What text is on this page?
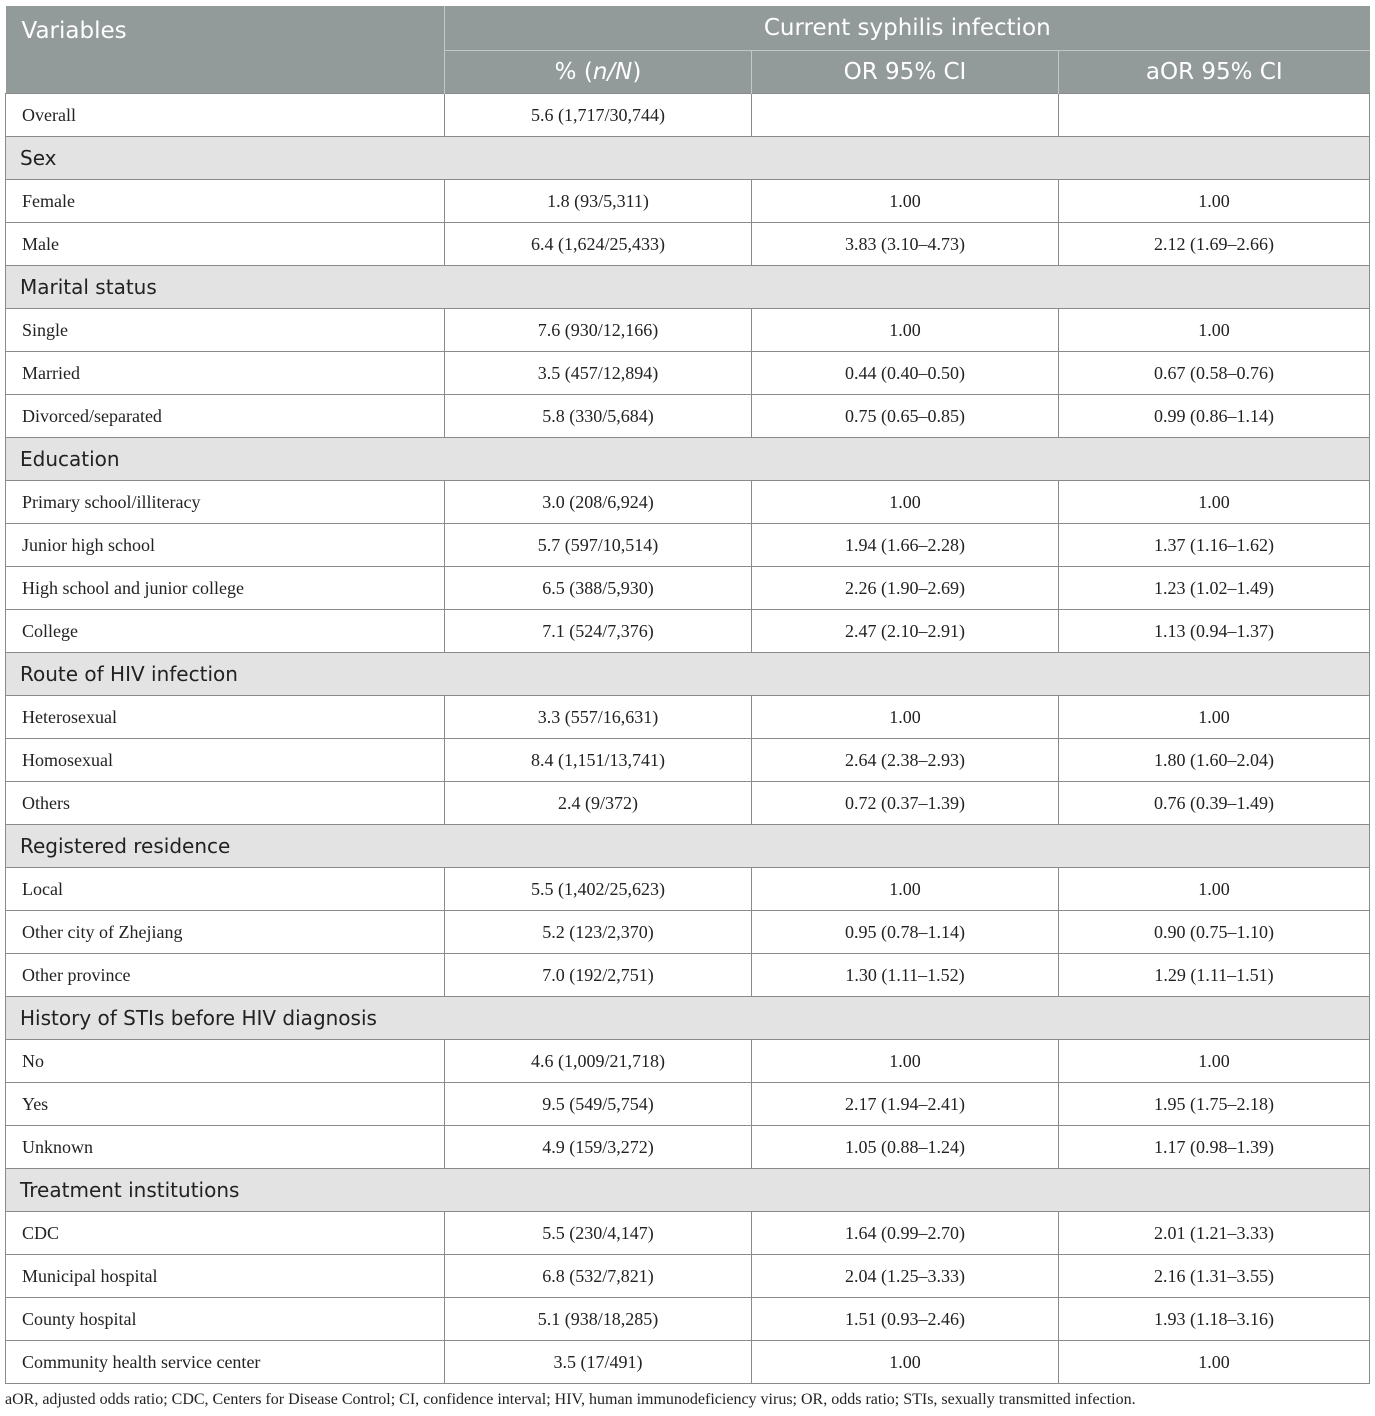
Variables	Current syphilis infection		
	% (n/N)	OR 95% CI	aOR 95% CI
Overall	5.6 (1,717/30,744)		
Sex			
Female	1.8 (93/5,311)	1.00	1.00
Male	6.4 (1,624/25,433)	3.83 (3.10–4.73)	2.12 (1.69–2.66)
Marital status			
Single	7.6 (930/12,166)	1.00	1.00
Married	3.5 (457/12,894)	0.44 (0.40–0.50)	0.67 (0.58–0.76)
Divorced/separated	5.8 (330/5,684)	0.75 (0.65–0.85)	0.99 (0.86–1.14)
Education			
Primary school/illiteracy	3.0 (208/6,924)	1.00	1.00
Junior high school	5.7 (597/10,514)	1.94 (1.66–2.28)	1.37 (1.16–1.62)
High school and junior college	6.5 (388/5,930)	2.26 (1.90–2.69)	1.23 (1.02–1.49)
College	7.1 (524/7,376)	2.47 (2.10–2.91)	1.13 (0.94–1.37)
Route of HIV infection			
Heterosexual	3.3 (557/16,631)	1.00	1.00
Homosexual	8.4 (1,151/13,741)	2.64 (2.38–2.93)	1.80 (1.60–2.04)
Others	2.4 (9/372)	0.72 (0.37–1.39)	0.76 (0.39–1.49)
Registered residence			
Local	5.5 (1,402/25,623)	1.00	1.00
Other city of Zhejiang	5.2 (123/2,370)	0.95 (0.78–1.14)	0.90 (0.75–1.10)
Other province	7.0 (192/2,751)	1.30 (1.11–1.52)	1.29 (1.11–1.51)
History of STIs before HIV diagnosis			
No	4.6 (1,009/21,718)	1.00	1.00
Yes	9.5 (549/5,754)	2.17 (1.94–2.41)	1.95 (1.75–2.18)
Unknown	4.9 (159/3,272)	1.05 (0.88–1.24)	1.17 (0.98–1.39)
Treatment institutions			
CDC	5.5 (230/4,147)	1.64 (0.99–2.70)	2.01 (1.21–3.33)
Municipal hospital	6.8 (532/7,821)	2.04 (1.25–3.33)	2.16 (1.31–3.55)
County hospital	5.1 (938/18,285)	1.51 (0.93–2.46)	1.93 (1.18–3.16)
Community health service center	3.5 (17/491)	1.00	1.00
aOR, adjusted odds ratio; CDC, Centers for Disease Control; CI, confidence interval; HIV, human immunodeficiency virus; OR, odds ratio; STIs, sexually transmitted infection.
